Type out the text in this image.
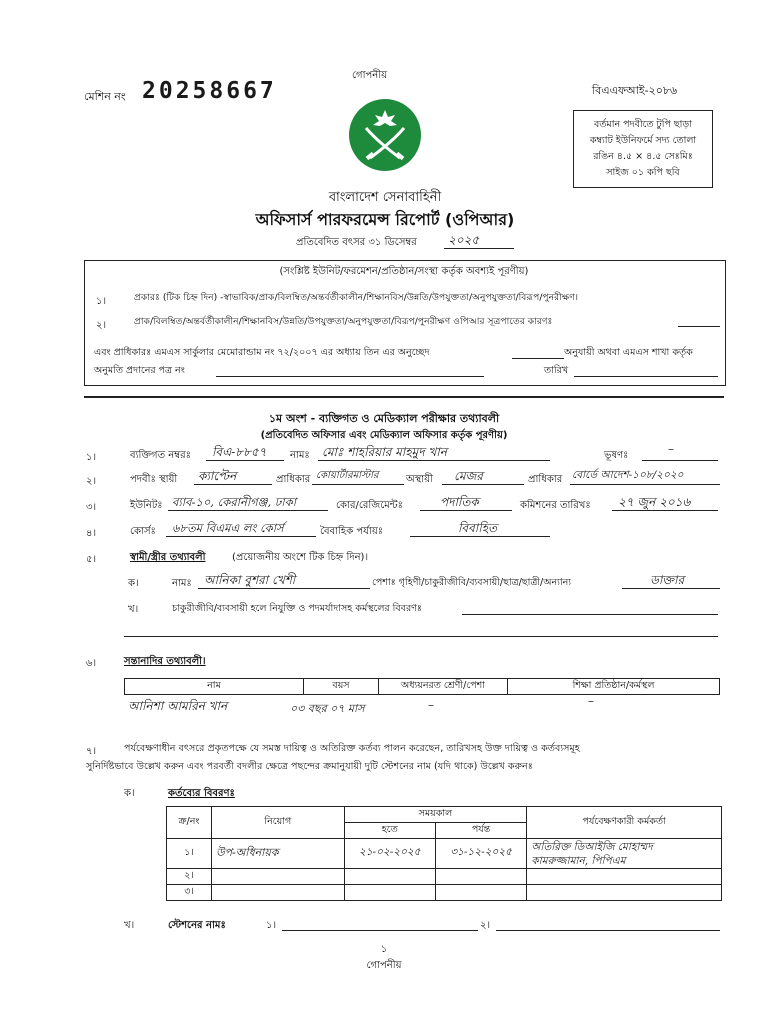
গোপনীয়
মেশিন নং 20258667	বিএএফআই-২০৮৬
বর্তমান পদবীতে টুপি ছাড়া
কম্ব্যাট ইউনিফর্মে সদ্য তোলা
রঙিন ৪.৫ × ৪.৫ সেঃমিঃ
সাইজ ০১ কপি ছবি
বাংলাদেশ সেনাবাহিনী
অফিসার্স পারফরমেন্স রিপোর্ট (ওপিআর)
প্রতিবেদিত বৎসর ৩১ ডিসেম্বর	২০২৫
(সংশ্লিষ্ট ইউনিট/ফরমেশন/প্রতিষ্ঠান/সংস্থা কর্তৃক অবশ্যই পূরণীয়)
১।	প্রকারঃ (টিক চিহ্ন দিন) -স্বাভাবিক/প্রাক/বিলম্বিত/অন্তর্বর্তীকালীন/শিক্ষানবিস/উন্নতি/উপযুক্ততা/অনুপযুক্ততা/বিরূপ/পুনরীক্ষণ।
২।	প্রাক/বিলম্বিত/অন্তর্বর্তীকালীন/শিক্ষানবিস/উন্নতি/উপযুক্ততা/অনুপযুক্ততা/বিরূপ/পুনরীক্ষণ ওপিআর সূত্রপাতের কারণঃ
এবং প্রাধিকারঃ এমএস সার্কুলার মেমোরান্ডাম নং ৭২/২০০৭ এর অধ্যায় তিন এর অনুচ্ছেদ	অনুযায়ী অথবা এমএস শাখা কর্তৃক
অনুমতি প্রদানের পত্র নং	তারিখ
১ম অংশ - ব্যক্তিগত ও মেডিক্যাল পরীক্ষার তথ্যাবলী
(প্রতিবেদিত অফিসার এবং মেডিক্যাল অফিসার কর্তৃক পূরণীয়)
১।	ব্যক্তিগত নম্বরঃ বিএ-৮৮৫৭ নামঃ মোঃ শাহরিয়ার মাহমুদ খান	ভূষণঃ	–
২।	পদবীঃ স্থায়ী ক্যাপ্টেন	প্রাধিকার কোয়ার্টারমাস্টার	অস্থায়ী মেজর	প্রাধিকার বোর্ডে আদেশ-১০৮/২০২০
৩।	ইউনিটঃ ব্যাব-১০, কেরানীগঞ্জ, ঢাকা	কোর/রেজিমেন্টঃ	পদাতিক	কমিশনের তারিখঃ ২৭ জুন ২০১৬
৪।	কোর্সঃ ৬৮তম বিএমএ লং কোর্স	বৈবাহিক পর্যায়ঃ	বিবাহিত
৫।	স্বামী/স্ত্রীর তথ্যাবলী	(প্রয়োজনীয় অংশে টিক চিহ্ন দিন)।
ক।	নামঃ আনিকা বুশরা খেশী	পেশাঃ গৃহিণী/চাকুরীজীবি/ব্যবসায়ী/ছাত্র/ছাত্রী/অন্যান্য	ডাক্তার
খ।	চাকুরীজীবি/ব্যবসায়ী হলে নিযুক্তি ও পদমর্যাদাসহ কর্মস্থলের বিবরণঃ
৬।	সন্তানাদির তথ্যাবলী।
নাম	বয়স	অধ্যয়নরত শ্রেণী/পেশা	শিক্ষা প্রতিষ্ঠান/কর্মস্থল
আনিশা আমরিন খান	০৩ বছর ০৭ মাস	–	–
৭।	পর্যবেক্ষণাধীন বৎসরে প্রকৃতপক্ষে যে সমস্ত দায়িত্ব ও অতিরিক্ত কর্তব্য পালন করেছেন, তারিখসহ উক্ত দায়িত্ব ও কর্তব্যসমূহ
সুনির্দিষ্টভাবে উল্লেখ করুন এবং পরবর্তী বদলীর ক্ষেত্রে পছন্দের ক্রমানুযায়ী দুটি স্টেশনের নাম (যদি থাকে) উল্লেখ করুনঃ
ক।	কর্তব্যের বিবরণঃ
ক্র/নং	নিয়োগ	সময়কাল		পর্যবেক্ষণকারী কর্মকর্তা
		হতে	পর্যন্ত	
১।	উপ-অধিনায়ক	২১-০২-২০২৫	৩১-১২-২০২৫	অতিরিক্ত ডিআইজি মোহাম্মদ
কামরুজ্জামান, পিপিএম

২।				
৩।				
খ।	স্টেশনের নামঃ	১।	২।
১
গোপনীয়
